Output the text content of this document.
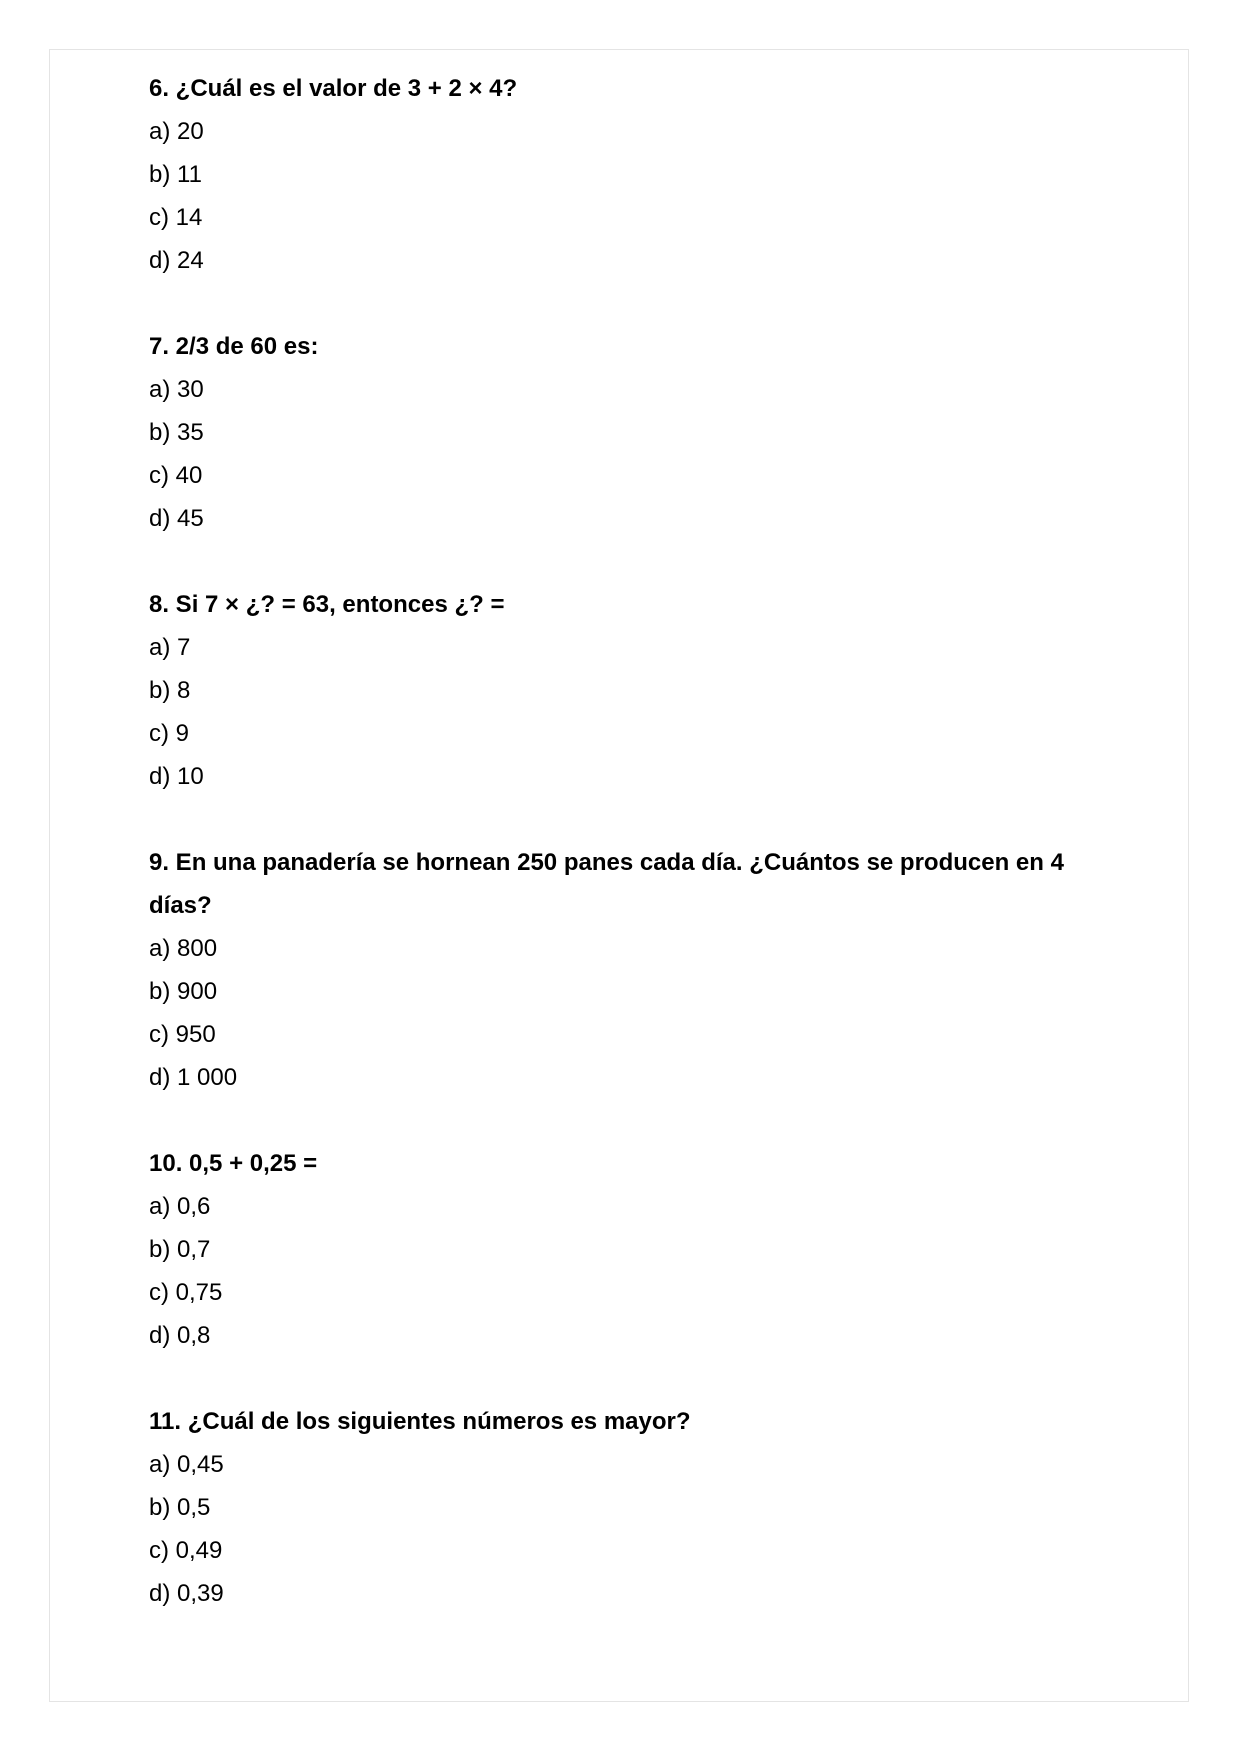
6. ¿Cuál es el valor de 3 + 2 × 4?

a) 20

b) 11

c) 14

d) 24

7. 2/3 de 60 es:

a) 30

b) 35

c) 40

d) 45

8. Si 7 × ¿? = 63, entonces ¿? =

a) 7

b) 8

c) 9

d) 10

9. En una panadería se hornean 250 panes cada día. ¿Cuántos se producen en 4 días?

a) 800

b) 900

c) 950

d) 1 000

10. 0,5 + 0,25 =

a) 0,6

b) 0,7

c) 0,75

d) 0,8

11. ¿Cuál de los siguientes números es mayor?

a) 0,45

b) 0,5

c) 0,49

d) 0,39
